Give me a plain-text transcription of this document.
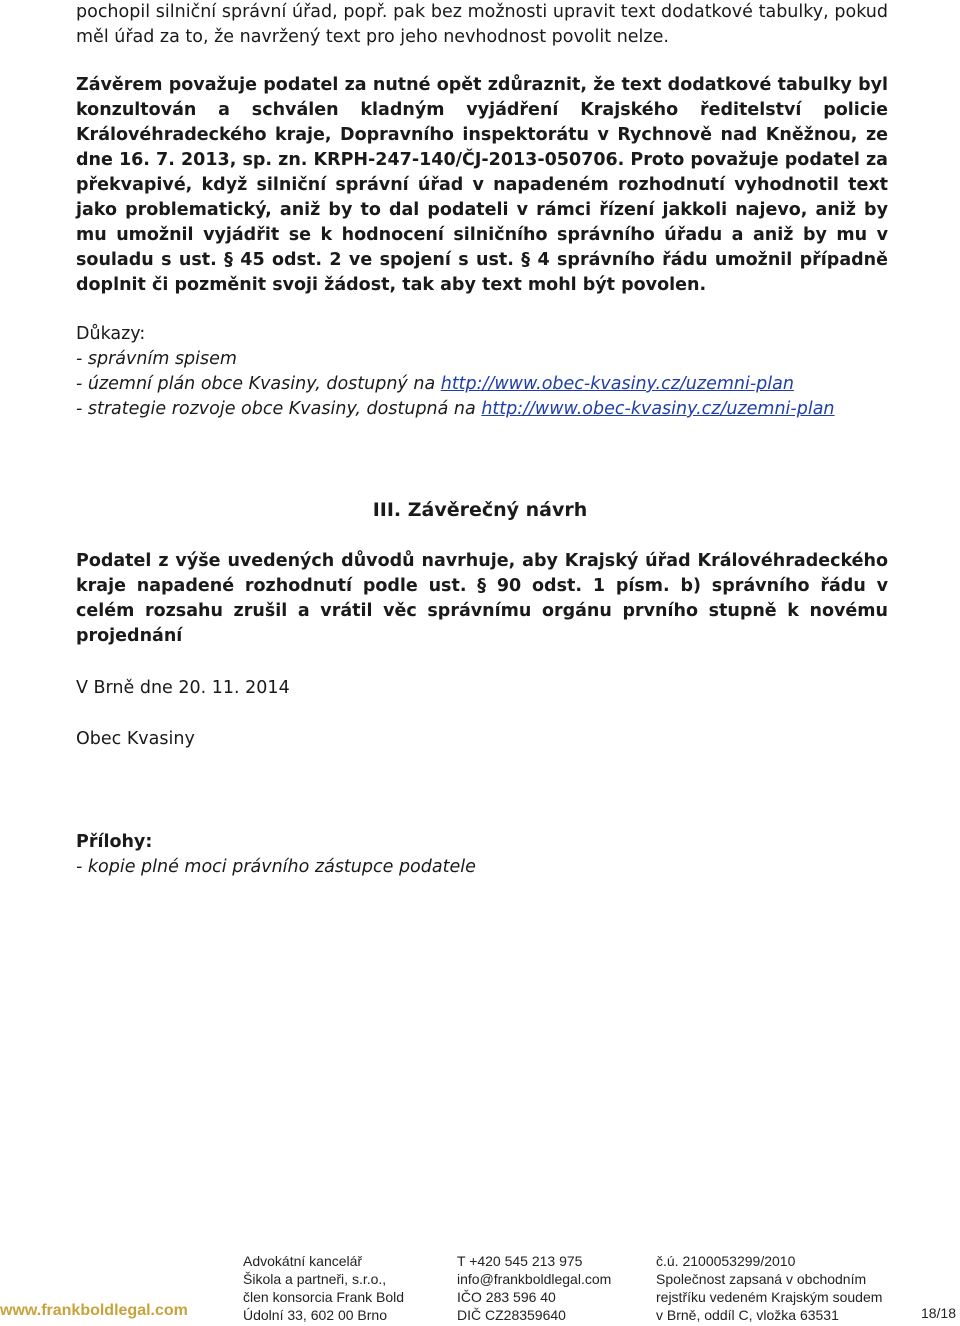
pochopil silniční správní úřad, popř. pak bez možnosti upravit text dodatkové tabulky, pokud měl úřad za to, že navržený text pro jeho nevhodnost povolit nelze.

Závěrem považuje podatel za nutné opět zdůraznit, že text dodatkové tabulky byl konzultován a schválen kladným vyjádření Krajského ředitelství policie Královéhradeckého kraje, Dopravního inspektorátu v Rychnově nad Kněžnou, ze dne 16. 7. 2013, sp. zn. KRPH-247-140/ČJ-2013-050706. Proto považuje podatel za překvapivé, když silniční správní úřad v napadeném rozhodnutí vyhodnotil text jako problematický, aniž by to dal podateli v rámci řízení jakkoli najevo, aniž by mu umožnil vyjádřit se k hodnocení silničního správního úřadu a aniž by mu v souladu s ust. § 45 odst. 2 ve spojení s ust. § 4 správního řádu umožnil případně doplnit či pozměnit svoji žádost, tak aby text mohl být povolen.

Důkazy:
- správním spisem
- územní plán obce Kvasiny, dostupný na http://www.obec-kvasiny.cz/uzemni-plan
- strategie rozvoje obce Kvasiny, dostupná na http://www.obec-kvasiny.cz/uzemni-plan
III. Závěrečný návrh

Podatel z výše uvedených důvodů navrhuje, aby Krajský úřad Královéhradeckého kraje napadené rozhodnutí podle ust. § 90 odst. 1 písm. b) správního řádu v celém rozsahu zrušil a vrátil věc správnímu orgánu prvního stupně k novému projednání

V Brně dne 20. 11. 2014

Obec Kvasiny

Přílohy:
- kopie plné moci právního zástupce podatele
www.frankboldlegal.com
Advokátní kancelář
Šikola a partneři, s.r.o.,
člen konsorcia Frank Bold
Údolní 33, 602 00 Brno
T +420 545 213 975
info@frankboldlegal.com
IČO 283 596 40
DIČ CZ28359640
č.ú. 2100053299/2010
Společnost zapsaná v obchodním
rejstříku vedeném Krajským soudem
v Brně, oddíl C, vložka 63531	18/18
